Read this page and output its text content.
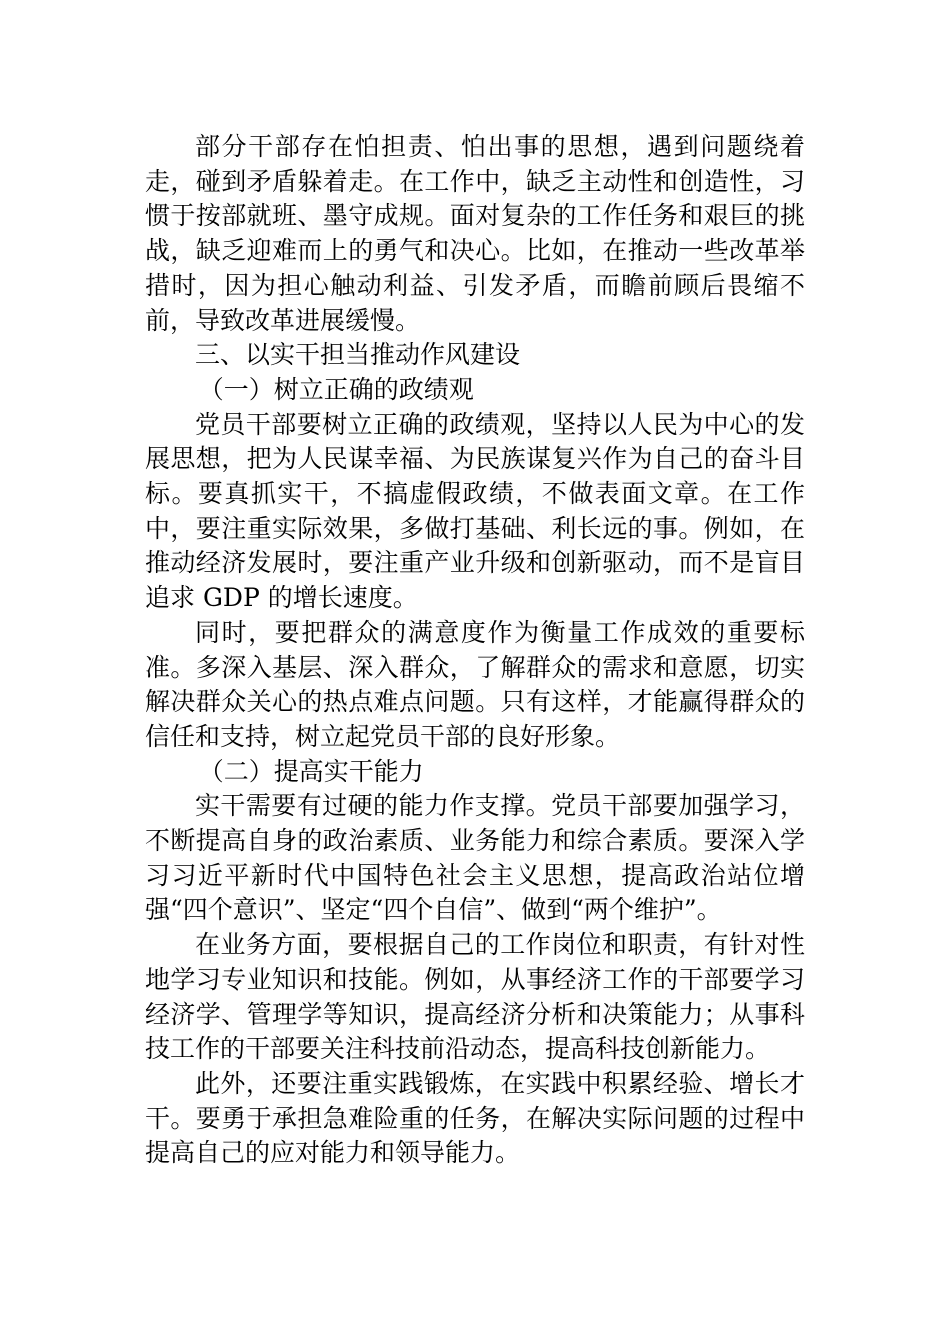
部分干部存在怕担责、怕出事的思想，遇到问题绕着走，碰到矛盾躲着走。在工作中，缺乏主动性和创造性，习惯于按部就班、墨守成规。面对复杂的工作任务和艰巨的挑战，缺乏迎难而上的勇气和决心。比如，在推动一些改革举措时，因为担心触动利益、引发矛盾，而瞻前顾后畏缩不前，导致改革进展缓慢。

三、以实干担当推动作风建设

（一）树立正确的政绩观

党员干部要树立正确的政绩观，坚持以人民为中心的发展思想，把为人民谋幸福、为民族谋复兴作为自己的奋斗目标。要真抓实干，不搞虚假政绩，不做表面文章。在工作中，要注重实际效果，多做打基础、利长远的事。例如，在推动经济发展时，要注重产业升级和创新驱动，而不是盲目追求 GDP 的增长速度。

同时，要把群众的满意度作为衡量工作成效的重要标准。多深入基层、深入群众，了解群众的需求和意愿，切实解决群众关心的热点难点问题。只有这样，才能赢得群众的信任和支持，树立起党员干部的良好形象。

（二）提高实干能力

实干需要有过硬的能力作支撑。党员干部要加强学习，不断提高自身的政治素质、业务能力和综合素质。要深入学习习近平新时代中国特色社会主义思想，提高政治站位增强“四个意识”、坚定“四个自信”、做到“两个维护”。

在业务方面，要根据自己的工作岗位和职责，有针对性地学习专业知识和技能。例如，从事经济工作的干部要学习经济学、管理学等知识，提高经济分析和决策能力；从事科技工作的干部要关注科技前沿动态，提高科技创新能力。

此外，还要注重实践锻炼，在实践中积累经验、增长才干。要勇于承担急难险重的任务，在解决实际问题的过程中提高自己的应对能力和领导能力。
